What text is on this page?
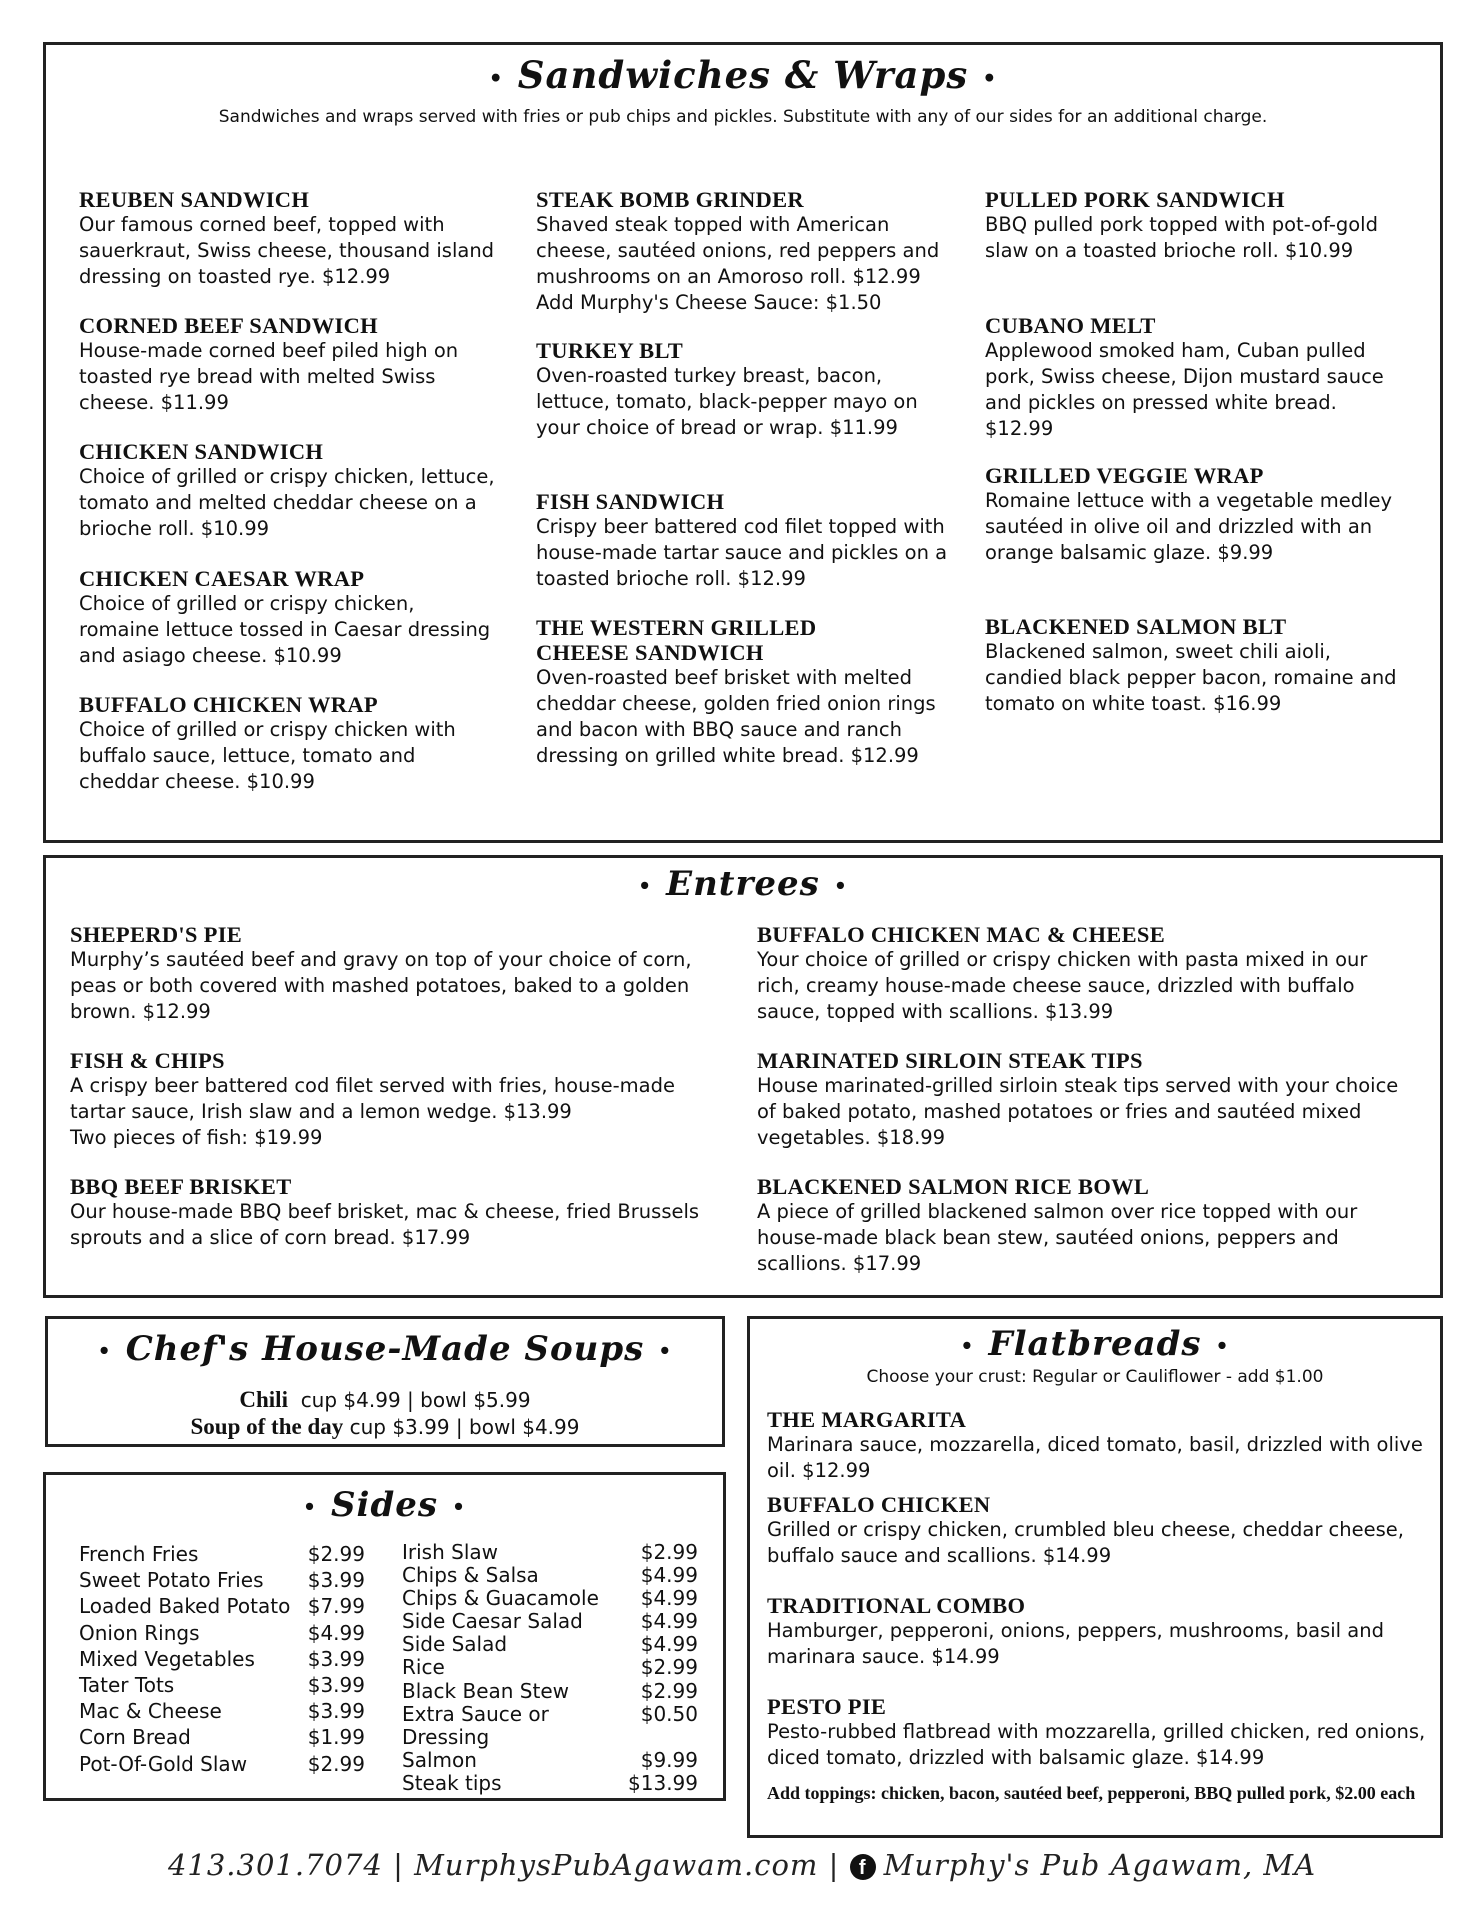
• Sandwiches & Wraps •
Sandwiches and wraps served with fries or pub chips and pickles. Substitute with any of our sides for an additional charge.
REUBEN SANDWICH

Our famous corned beef, topped with sauerkraut, Swiss cheese, thousand island dressing on toasted rye. $12.99

CORNED BEEF SANDWICH

House-made corned beef piled high on toasted rye bread with melted Swiss cheese. $11.99

CHICKEN SANDWICH

Choice of grilled or crispy chicken, lettuce, tomato and melted cheddar cheese on a brioche roll. $10.99

CHICKEN CAESAR WRAP

Choice of grilled or crispy chicken, romaine lettuce tossed in Caesar dressing and asiago cheese. $10.99

BUFFALO CHICKEN WRAP

Choice of grilled or crispy chicken with buffalo sauce, lettuce, tomato and cheddar cheese. $10.99

STEAK BOMB GRINDER

Shaved steak topped with American cheese, sautéed onions, red peppers and mushrooms on an Amoroso roll. $12.99

Add Murphy's Cheese Sauce: $1.50

TURKEY BLT

Oven-roasted turkey breast, bacon, lettuce, tomato, black-pepper mayo on your choice of bread or wrap. $11.99

FISH SANDWICH

Crispy beer battered cod filet topped with house-made tartar sauce and pickles on a toasted brioche roll. $12.99

THE WESTERN GRILLED CHEESE SANDWICH

Oven-roasted beef brisket with melted cheddar cheese, golden fried onion rings and bacon with BBQ sauce and ranch dressing on grilled white bread. $12.99

PULLED PORK SANDWICH

BBQ pulled pork topped with pot-of-gold slaw on a toasted brioche roll. $10.99

CUBANO MELT

Applewood smoked ham, Cuban pulled pork, Swiss cheese, Dijon mustard sauce and pickles on pressed white bread. $12.99

GRILLED VEGGIE WRAP

Romaine lettuce with a vegetable medley sautéed in olive oil and drizzled with an orange balsamic glaze. $9.99

BLACKENED SALMON BLT

Blackened salmon, sweet chili aioli, candied black pepper bacon, romaine and tomato on white toast. $16.99

• Entrees •
SHEPERD'S PIE

Murphy’s sautéed beef and gravy on top of your choice of corn, peas or both covered with mashed potatoes, baked to a golden brown. $12.99

FISH & CHIPS

A crispy beer battered cod filet served with fries, house-made tartar sauce, Irish slaw and a lemon wedge. $13.99

Two pieces of fish: $19.99

BBQ BEEF BRISKET

Our house-made BBQ beef brisket, mac & cheese, fried Brussels sprouts and a slice of corn bread. $17.99

BUFFALO CHICKEN MAC & CHEESE

Your choice of grilled or crispy chicken with pasta mixed in our rich, creamy house-made cheese sauce, drizzled with buffalo sauce, topped with scallions. $13.99

MARINATED SIRLOIN STEAK TIPS

House marinated-grilled sirloin steak tips served with your choice of baked potato, mashed potatoes or fries and sautéed mixed vegetables. $18.99

BLACKENED SALMON RICE BOWL

A piece of grilled blackened salmon over rice topped with our house-made black bean stew, sautéed onions, peppers and scallions. $17.99

• Chef's House-Made Soups •
Chili cup $4.99 | bowl $5.99
Soup of the day cup $3.99 | bowl $4.99
• Sides •
French Fries	$2.99
Sweet Potato Fries $3.99
Loaded Baked Potato $7.99
Onion Rings	$4.99
Mixed Vegetables	$3.99
Tater Tots	$3.99
Mac & Cheese	$3.99
Corn Bread	$1.99
Pot-Of-Gold Slaw	$2.99
Irish Slaw	$2.99
Chips & Salsa	$4.99
Chips & Guacamole $4.99
Side Caesar Salad	$4.99
Side Salad	$4.99
Rice	$2.99
Black Bean Stew	$2.99
Extra Sauce or Dressing
$0.50
Salmon	$9.99
Steak tips	$13.99
• Flatbreads •
Choose your crust: Regular or Cauliflower - add $1.00
THE MARGARITA

Marinara sauce, mozzarella, diced tomato, basil, drizzled with olive oil. $12.99

BUFFALO CHICKEN

Grilled or crispy chicken, crumbled bleu cheese, cheddar cheese, buffalo sauce and scallions. $14.99

TRADITIONAL COMBO

Hamburger, pepperoni, onions, peppers, mushrooms, basil and marinara sauce. $14.99

PESTO PIE

Pesto-rubbed flatbread with mozzarella, grilled chicken, red onions, diced tomato, drizzled with balsamic glaze. $14.99

Add toppings: chicken, bacon, sautéed beef, pepperoni, BBQ pulled pork, $2.00 each
413.301.7074 | MurphysPubAgawam.com | f Murphy's Pub Agawam, MA
